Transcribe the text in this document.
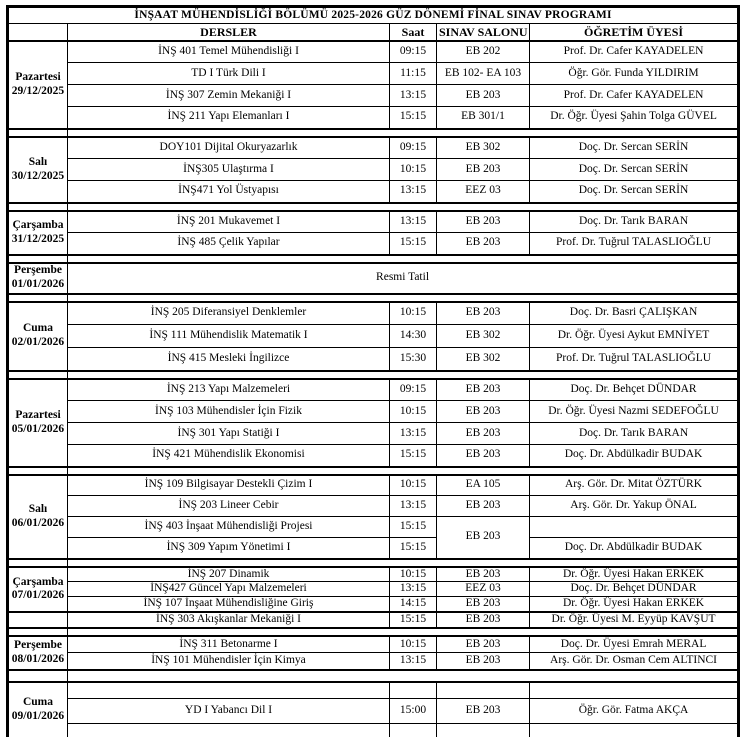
İNŞAAT MÜHENDİSLİĞİ BÖLÜMÜ 2025-2026 GÜZ DÖNEMİ FİNAL SINAV PROGRAMI				
	DERSLER	Saat	SINAV SALONU	ÖĞRETİM ÜYESİ

Pazartesi
29/12/2025	İNŞ 401 Temel Mühendisliği I	09:15	EB 202	Prof. Dr. Cafer KAYADELEN
	TD I Türk Dili I	11:15	EB 102- EA 103	Öğr. Gör. Funda YILDIRIM
	İNŞ 307 Zemin Mekaniği I	13:15	EB 203	Prof. Dr. Cafer KAYADELEN
	İNŞ 211 Yapı Elemanları I	15:15	EB 301/1	Dr. Öğr. Üyesi Şahin Tolga GÜVEL

Salı
30/12/2025	DOY101 Dijital Okuryazarlık	09:15	EB 302	Doç. Dr. Sercan SERİN
	İNŞ305 Ulaştırma I	10:15	EB 203	Doç. Dr. Sercan SERİN
	İNŞ471 Yol Üstyapısı	13:15	EEZ 03	Doç. Dr. Sercan SERİN

Çarşamba
31/12/2025	İNŞ 201 Mukavemet I	13:15	EB 203	Doç. Dr. Tarık BARAN
	İNŞ 485 Çelik Yapılar	15:15	EB 203	Prof. Dr. Tuğrul TALASLIOĞLU

Perşembe
01/01/2026	Resmi Tatil			

Cuma
02/01/2026	İNŞ 205 Diferansiyel Denklemler	10:15	EB 203	Doç. Dr. Basri ÇALIŞKAN
	İNŞ 111 Mühendislik Matematik I	14:30	EB 302	Dr. Öğr. Üyesi Aykut EMNİYET
	İNŞ 415 Mesleki İngilizce	15:30	EB 302	Prof. Dr. Tuğrul TALASLIOĞLU

Pazartesi
05/01/2026	İNŞ 213 Yapı Malzemeleri	09:15	EB 203	Doç. Dr. Behçet DÜNDAR
	İNŞ 103 Mühendisler İçin Fizik	10:15	EB 203	Dr. Öğr. Üyesi Nazmi SEDEFOĞLU
	İNŞ 301 Yapı Statiği I	13:15	EB 203	Doç. Dr. Tarık BARAN
	İNŞ 421 Mühendislik Ekonomisi	15:15	EB 203	Doç. Dr. Abdülkadir BUDAK

Salı
06/01/2026	İNŞ 109 Bilgisayar Destekli Çizim I	10:15	EA 105	Arş. Gör. Dr. Mitat ÖZTÜRK
	İNŞ 203 Lineer Cebir	13:15	EB 203	Arş. Gör. Dr. Yakup ÖNAL
	İNŞ 403 İnşaat Mühendisliği Projesi	15:15	EB 203	
	İNŞ 309 Yapım Yönetimi I	15:15		Doç. Dr. Abdülkadir BUDAK

Çarşamba
07/01/2026	İNŞ 207 Dinamik	10:15	EB 203	Dr. Öğr. Üyesi Hakan ERKEK
	İNŞ427 Güncel Yapı Malzemeleri	13:15	EEZ 03	Doç. Dr. Behçet DÜNDAR
	İNŞ 107 İnşaat Mühendisliğine Giriş	14:15	EB 203	Dr. Öğr. Üyesi Hakan ERKEK
	İNŞ 303 Akışkanlar Mekaniği I	15:15	EB 203	Dr. Öğr. Üyesi M. Eyyüp KAVŞUT

Perşembe
08/01/2026	İNŞ 311 Betonarme I	10:15	EB 203	Doç. Dr. Üyesi Emrah MERAL
	İNŞ 101 Mühendisler İçin Kimya	13:15	EB 203	Arş. Gör. Dr. Osman Cem ALTINCI

Cuma
09/01/2026				

	YD I Yabancı Dil I	15:00	EB 203	Öğr. Gör. Fatma AKÇA
